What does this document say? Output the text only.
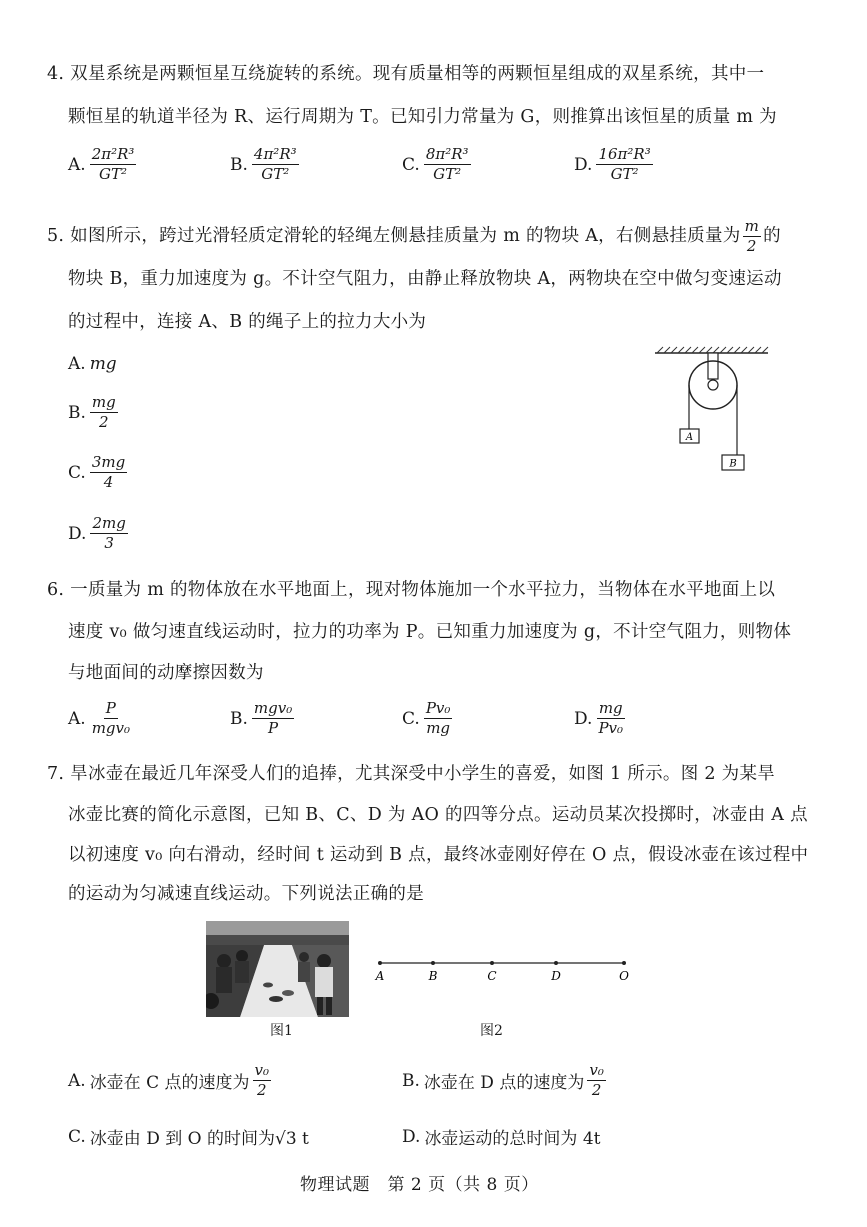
4. 双星系统是两颗恒星互绕旋转的系统。现有质量相等的两颗恒星组成的双星系统，其中一
颗恒星的轨道半径为 R、运行周期为 T。已知引力常量为 G，则推算出该恒星的质量 m 为
A. $\frac{\text{2π²R³}}{\text{GT²}}$	B. $\frac{\text{4π²R³}}{\text{GT²}}$	C. $\frac{\text{8π²R³}}{\text{GT²}}$	D. $\frac{\text{16π²R³}}{\text{GT²}}$
5. 如图所示，跨过光滑轻质定滑轮的轻绳左侧悬挂质量为 m 的物块 A，右侧悬挂质量为 $\frac{m}{2}$ 的
物块 B，重力加速度为 g。不计空气阻力，由静止释放物块 A，两物块在空中做匀变速运动
的过程中，连接 A、B 的绳子上的拉力大小为
A. mg
B. $\frac{mg}{2}$
C. $\frac{3mg}{4}$
D. $\frac{2mg}{3}$
A
B
6. 一质量为 m 的物体放在水平地面上，现对物体施加一个水平拉力，当物体在水平地面上以
速度 v₀ 做匀速直线运动时，拉力的功率为 P。已知重力加速度为 g，不计空气阻力，则物体
与地面间的动摩擦因数为
A. $\frac{P}{\text{mgv₀}}$	B. $\frac{\text{mgv₀}}{P}$	C. $\frac{\text{Pv₀}}{mg}$	D. $\frac{mg}{\text{Pv₀}}$
7. 旱冰壶在最近几年深受人们的追捧，尤其深受中小学生的喜爱，如图 1 所示。图 2 为某旱
冰壶比赛的简化示意图，已知 B、C、D 为 AO 的四等分点。运动员某次投掷时，冰壶由 A 点
以初速度 v₀ 向右滑动，经时间 t 运动到 B 点，最终冰壶刚好停在 O 点，假设冰壶在该过程中
的运动为匀减速直线运动。下列说法正确的是
图1
A	B	C	D	O
图2
A. 冰壶在 C 点的速度为 $\frac{\text{v₀}}{2}$	B. 冰壶在 D 点的速度为 $\frac{\text{v₀}}{2}$
C. 冰壶由 D 到 O 的时间为√3 t	D. 冰壶运动的总时间为 4t
物理试题　第 2 页（共 8 页）
